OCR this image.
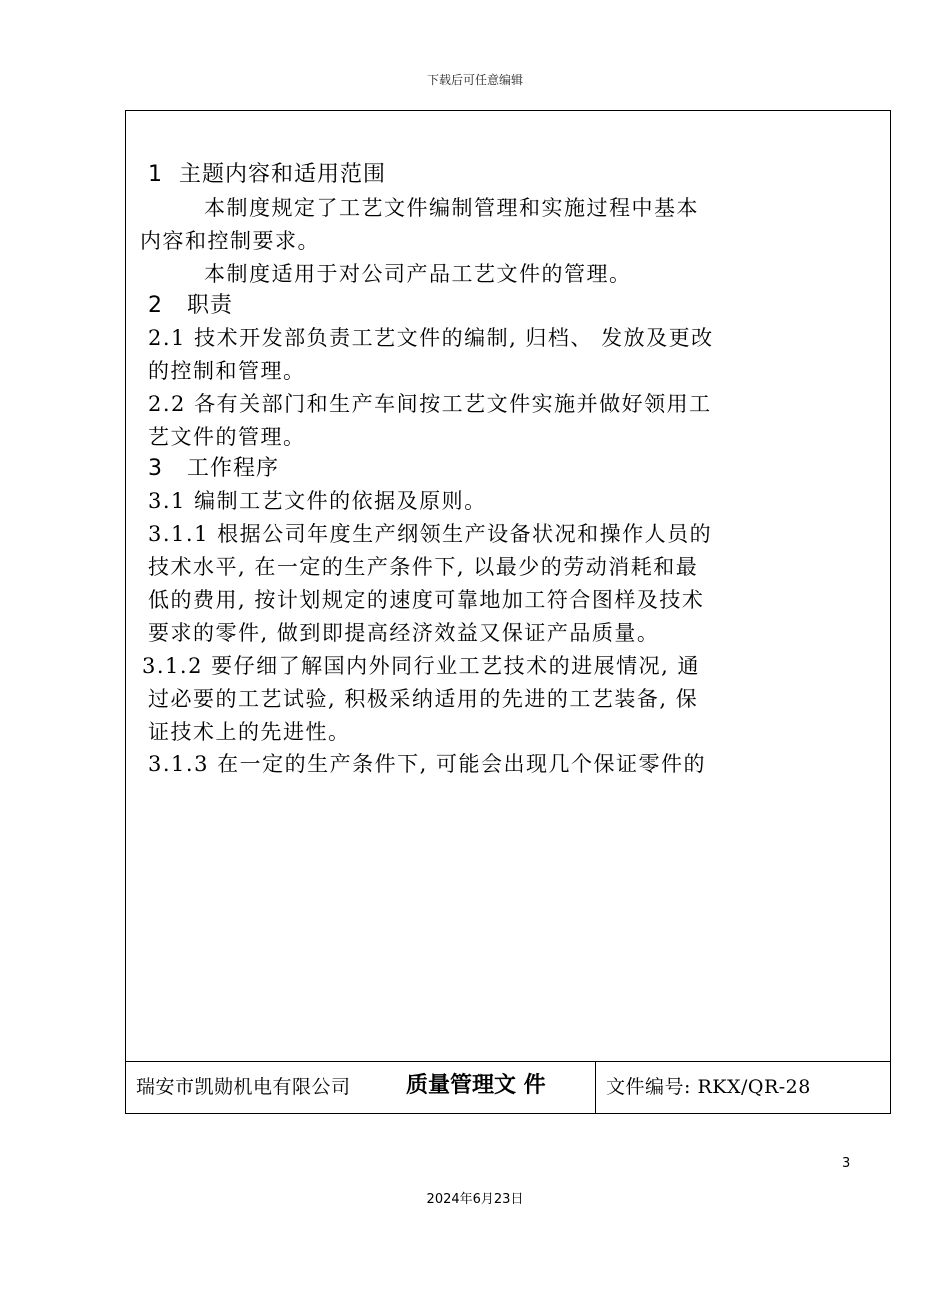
下载后可任意编辑
1  主题内容和适用范围
本制度规定了工艺文件编制管理和实施过程中基本
内容和控制要求。
本制度适用于对公司产品工艺文件的管理。
2   职责
2.1 技术开发部负责工艺文件的编制, 归档、 发放及更改
的控制和管理。
2.2 各有关部门和生产车间按工艺文件实施并做好领用工
艺文件的管理。
3   工作程序
3.1 编制工艺文件的依据及原则。
3.1.1 根据公司年度生产纲领生产设备状况和操作人员的
技术水平, 在一定的生产条件下, 以最少的劳动消耗和最
低的费用, 按计划规定的速度可靠地加工符合图样及技术
要求的零件, 做到即提高经济效益又保证产品质量。
3.1.2 要仔细了解国内外同行业工艺技术的进展情况, 通
过必要的工艺试验, 积极采纳适用的先进的工艺装备, 保
证技术上的先进性。
3.1.3 在一定的生产条件下, 可能会出现几个保证零件的
瑞安市凯勋机电有限公司	质量管理文 件	文件编号: RKX/QR-28
3
2024年6月23日
